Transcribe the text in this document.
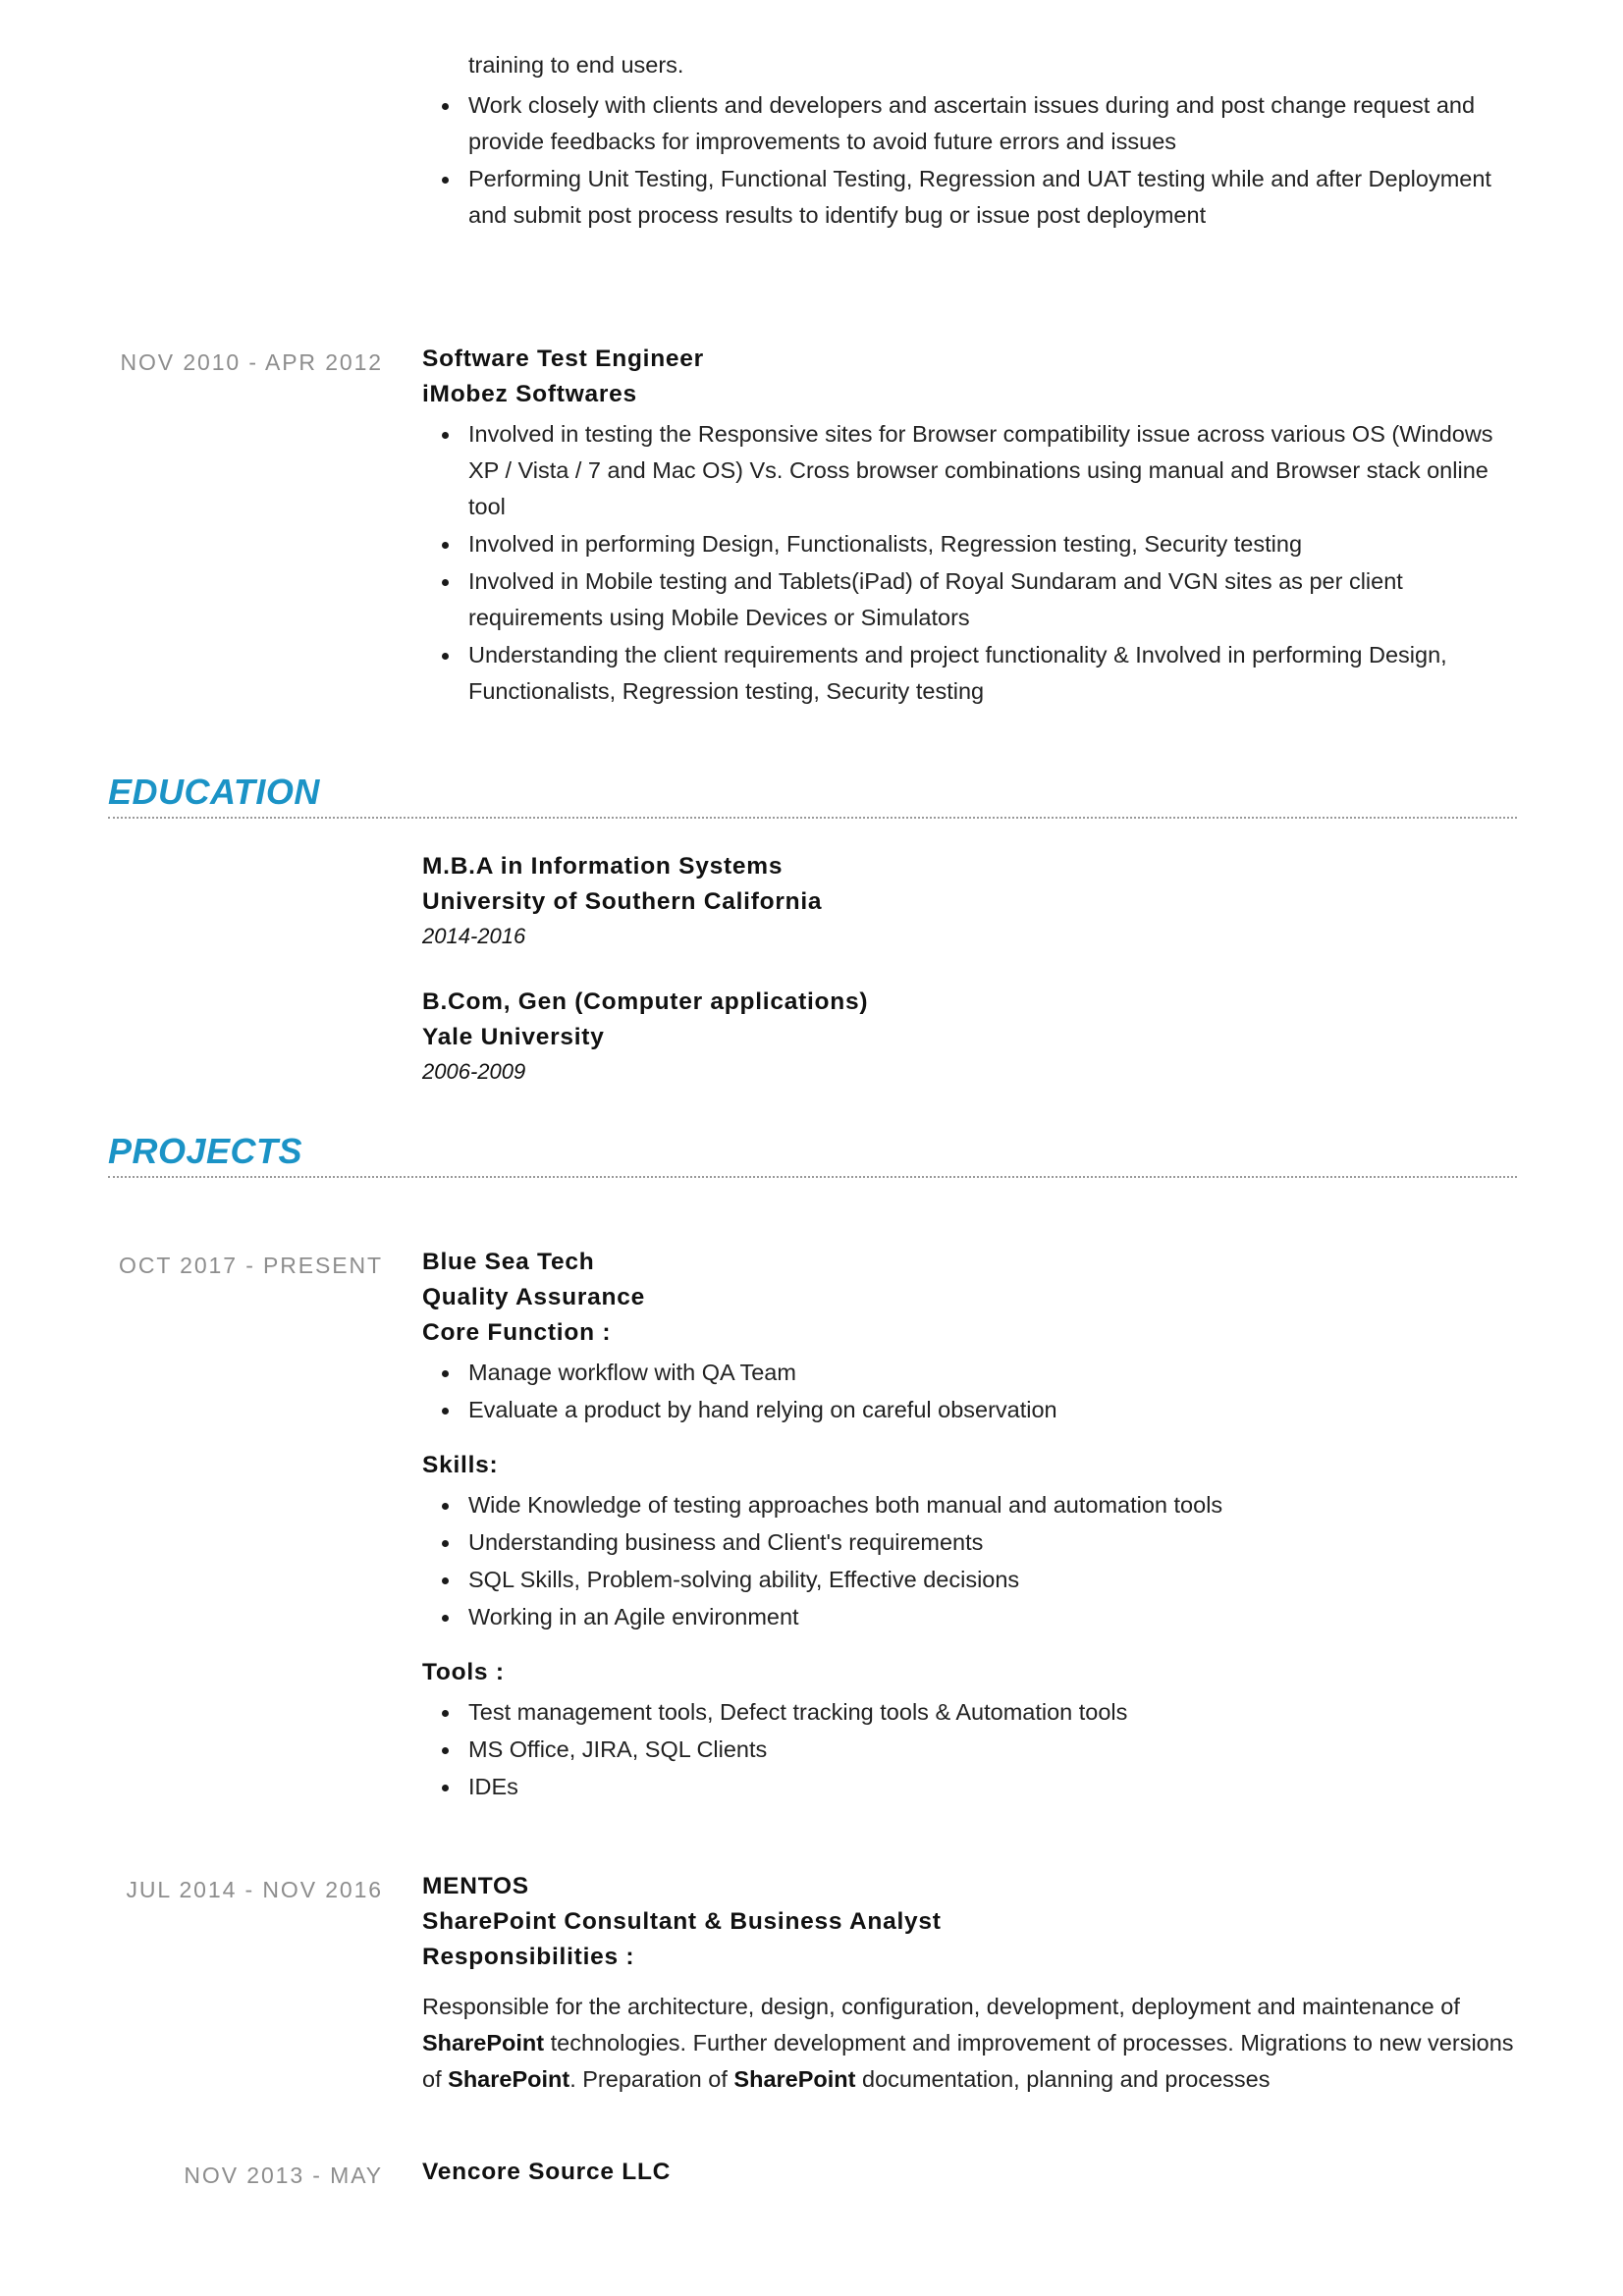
training to end users.
Work closely with clients and developers and ascertain issues during and post change request and provide feedbacks for improvements to avoid future errors and issues
Performing Unit Testing, Functional Testing, Regression and UAT testing while and after Deployment and submit post process results to identify bug or issue post deployment
NOV 2010 - APR 2012	Software Test Engineer
iMobez Softwares
Involved in testing the Responsive sites for Browser compatibility issue across various OS (Windows XP / Vista / 7 and Mac OS) Vs. Cross browser combinations using manual and Browser stack online tool
Involved in performing Design, Functionalists, Regression testing, Security testing
Involved in Mobile testing and Tablets(iPad) of Royal Sundaram and VGN sites as per client requirements using Mobile Devices or Simulators
Understanding the client requirements and project functionality & Involved in performing Design, Functionalists, Regression testing, Security testing
EDUCATION
M.B.A in Information Systems
University of Southern California
2014-2016
B.Com, Gen (Computer applications)
Yale University
2006-2009
PROJECTS
OCT 2017 - PRESENT	Blue Sea Tech
Quality Assurance
Core Function :
Manage workflow with QA Team
Evaluate a product by hand relying on careful observation
Skills:
Wide Knowledge of testing approaches both manual and automation tools
Understanding business and Client's requirements
SQL Skills, Problem-solving ability, Effective decisions
Working in an Agile environment
Tools :
Test management tools, Defect tracking tools & Automation tools
MS Office, JIRA, SQL Clients
IDEs
JUL 2014 - NOV 2016	MENTOS
SharePoint Consultant & Business Analyst
Responsibilities :

Responsible for the architecture, design, configuration, development, deployment and maintenance of SharePoint technologies. Further development and improvement of processes. Migrations to new versions of SharePoint. Preparation of SharePoint documentation, planning and processes

NOV 2013 - MAY	Vencore Source LLC
